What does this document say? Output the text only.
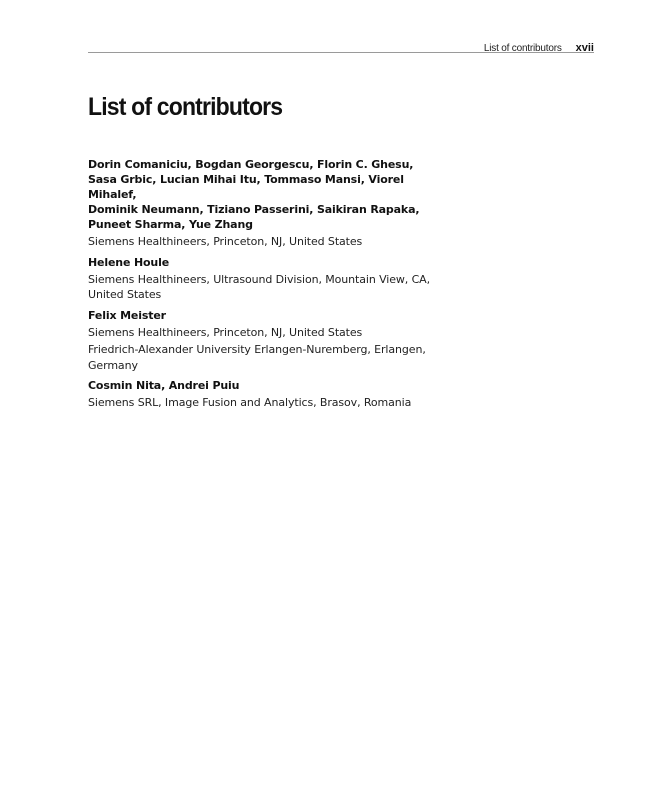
List of contributors xvii
List of contributors
Dorin Comaniciu, Bogdan Georgescu, Florin C. Ghesu,
Sasa Grbic, Lucian Mihai Itu, Tommaso Mansi, Viorel Mihalef,
Dominik Neumann, Tiziano Passerini, Saikiran Rapaka,
Puneet Sharma, Yue Zhang
Siemens Healthineers, Princeton, NJ, United States
Helene Houle
Siemens Healthineers, Ultrasound Division, Mountain View, CA, United States
Felix Meister
Siemens Healthineers, Princeton, NJ, United States
Friedrich-Alexander University Erlangen-Nuremberg, Erlangen, Germany
Cosmin Nita, Andrei Puiu
Siemens SRL, Image Fusion and Analytics, Brasov, Romania
